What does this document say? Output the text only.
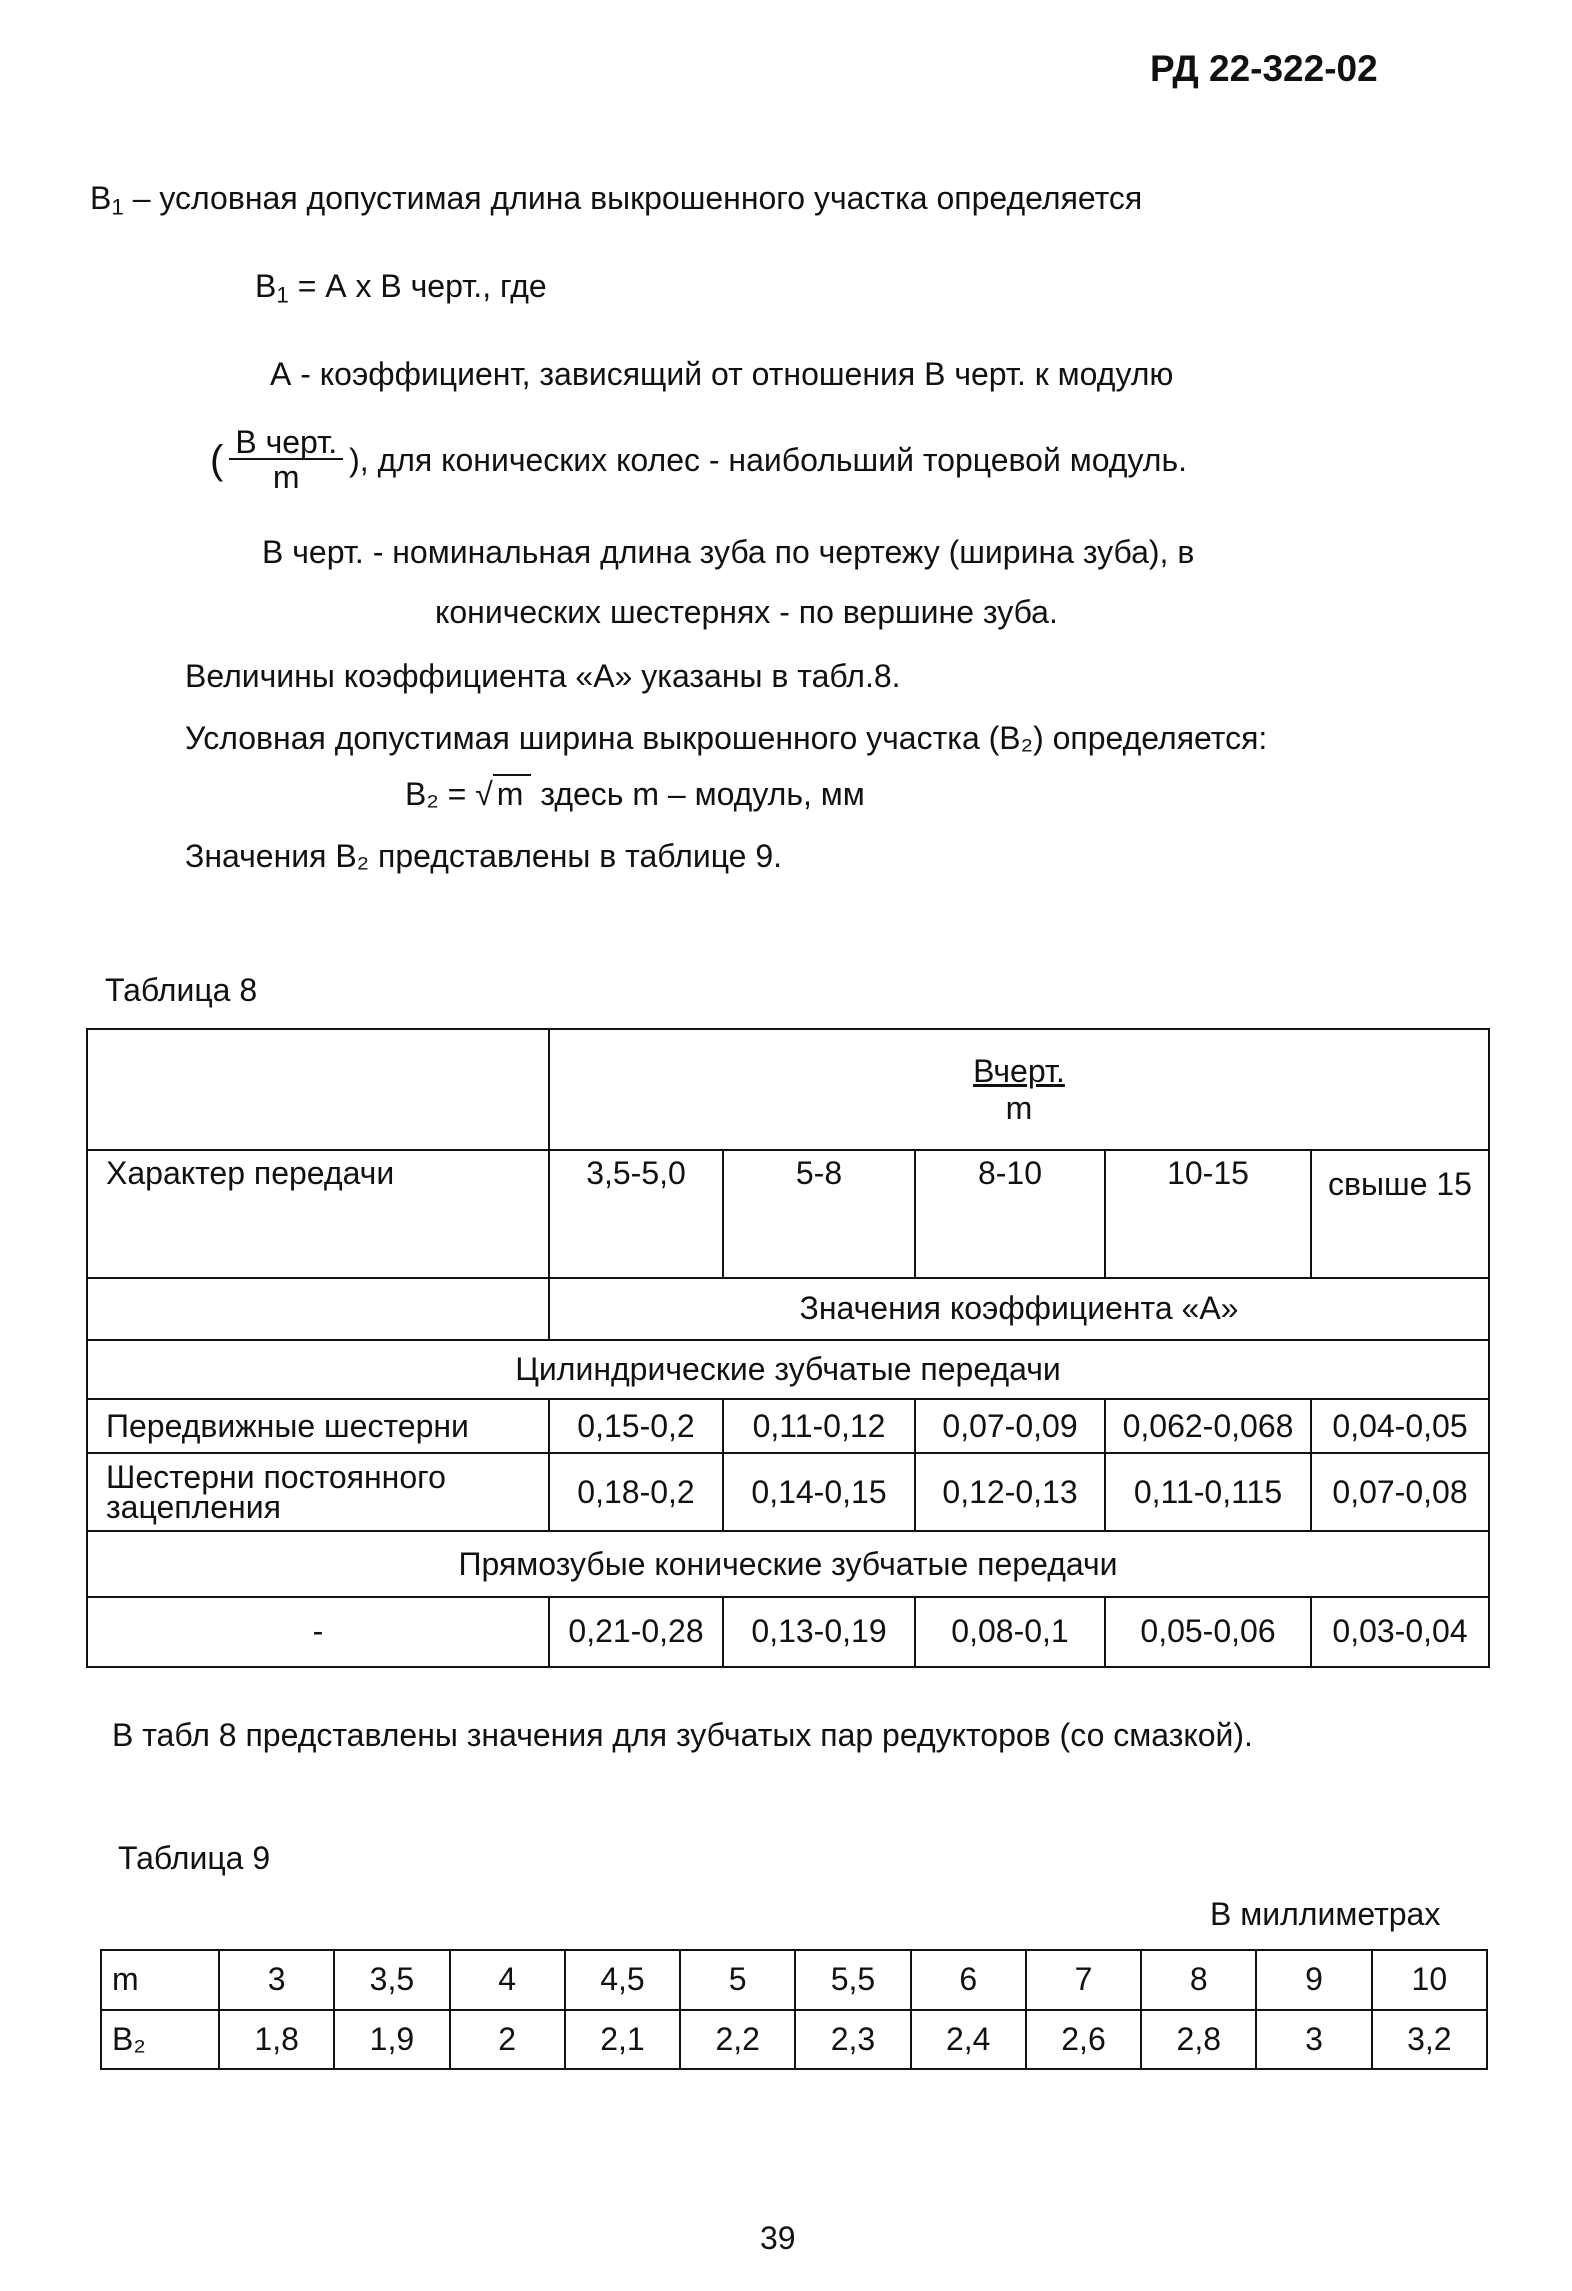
РД 22-322-02
$B_1$ – условная допустимая длина выкрошенного участка определяется
$B_1 = А$ х В черт., где
А - коэффициент, зависящий от отношения В черт. к модулю
( $\frac{\text{В черт.}}{m}$ ), для конических колес - наибольший торцевой модуль.
В черт. - номинальная длина зуба по чертежу (ширина зуба), в
конических шестернях - по вершине зуба.
Величины коэффициента «А» указаны в табл.8.
Условная допустимая ширина выкрошенного участка (B₂) определяется:
B₂ = √ m здесь m – модуль, мм
Значения B₂ представлены в таблице 9.
Таблица 8

	Вчерт.
m				

Характер передачи	3,5-5,0	5-8	8-10	10-15	свыше 15
	Значения коэффициента «А»				
Цилиндрические зубчатые передачи					
Передвижные шестерни	0,15-0,2	0,11-0,12	0,07-0,09	0,062-0,068	0,04-0,05
Шестерни постоянного зацепления	0,18-0,2	0,14-0,15	0,12-0,13	0,11-0,115	0,07-0,08
Прямозубые конические зубчатые передачи					
-	0,21-0,28	0,13-0,19	0,08-0,1	0,05-0,06	0,03-0,04
В табл 8 представлены значения для зубчатых пар редукторов (со смазкой).
Таблица 9
В миллиметрах
m	3	3,5	4	4,5	5	5,5	6	7	8	9	10
B₂	1,8	1,9	2	2,1	2,2	2,3	2,4	2,6	2,8	3	3,2
39
